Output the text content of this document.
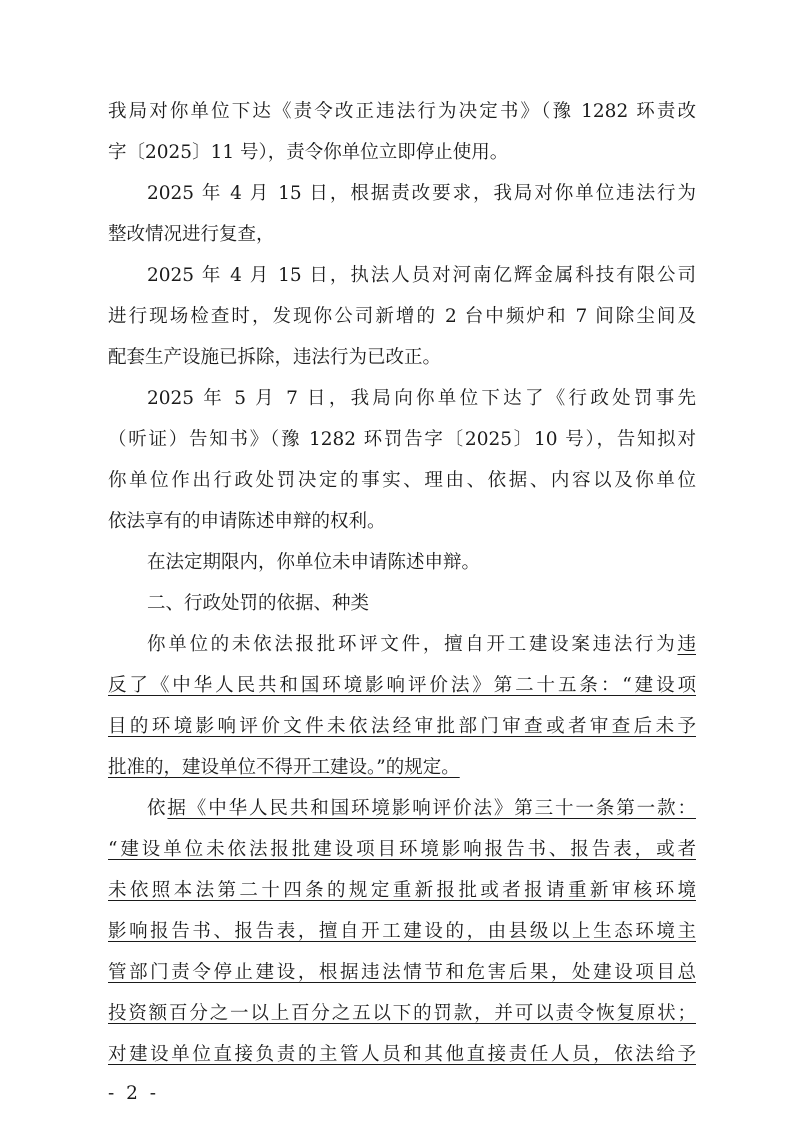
我局对你单位下达《责令改正违法行为决定书》（豫 1282 环责改
字〔2025〕11 号），责令你单位立即停止使用。
2025 年 4 月 15 日，根据责改要求，我局对你单位违法行为
整改情况进行复查，
2025 年 4 月 15 日，执法人员对河南亿辉金属科技有限公司
进行现场检查时，发现你公司新增的 2 台中频炉和 7 间除尘间及
配套生产设施已拆除，违法行为已改正。
2025 年 5 月 7 日，我局向你单位下达了《行政处罚事先
（听证）告知书》（豫 1282 环罚告字〔2025〕10 号），告知拟对
你单位作出行政处罚决定的事实、理由、依据、内容以及你单位
依法享有的申请陈述申辩的权利。
在法定期限内，你单位未申请陈述申辩。
二、行政处罚的依据、种类
你单位的未依法报批环评文件，擅自开工建设案违法行为违
反了《中华人民共和国环境影响评价法》第二十五条：“建设项
目的环境影响评价文件未依法经审批部门审查或者审查后未予
批准的，建设单位不得开工建设。”的规定。
依据《中华人民共和国环境影响评价法》第三十一条第一款：
“建设单位未依法报批建设项目环境影响报告书、报告表，或者
未依照本法第二十四条的规定重新报批或者报请重新审核环境
影响报告书、报告表，擅自开工建设的，由县级以上生态环境主
管部门责令停止建设，根据违法情节和危害后果，处建设项目总
投资额百分之一以上百分之五以下的罚款，并可以责令恢复原状；
对建设单位直接负责的主管人员和其他直接责任人员，依法给予
- 2 -
